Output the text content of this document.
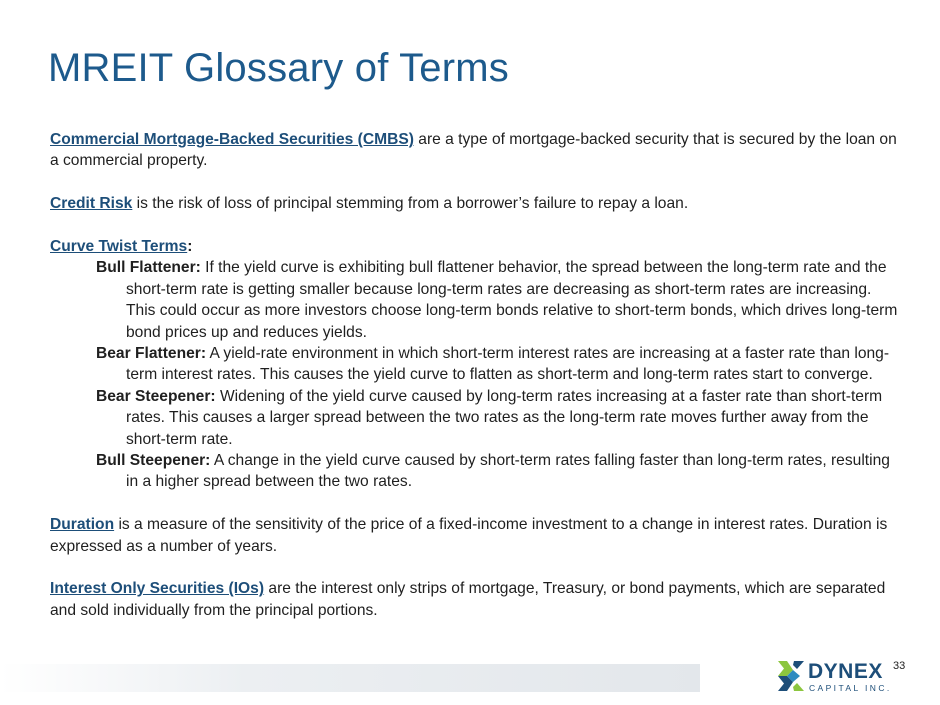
MREIT Glossary of Terms

Commercial Mortgage-Backed Securities (CMBS) are a type of mortgage-backed security that is secured by the loan on a commercial property.

Credit Risk is the risk of loss of principal stemming from a borrower’s failure to repay a loan.

Curve Twist Terms:

Bull Flattener: If the yield curve is exhibiting bull flattener behavior, the spread between the long-term rate and the short-term rate is getting smaller because long-term rates are decreasing as short-term rates are increasing. This could occur as more investors choose long-term bonds relative to short-term bonds, which drives long-term bond prices up and reduces yields.

Bear Flattener: A yield-rate environment in which short-term interest rates are increasing at a faster rate than long-term interest rates. This causes the yield curve to flatten as short-term and long-term rates start to converge.

Bear Steepener: Widening of the yield curve caused by long-term rates increasing at a faster rate than short-term rates. This causes a larger spread between the two rates as the long-term rate moves further away from the short-term rate.

Bull Steepener: A change in the yield curve caused by short-term rates falling faster than long-term rates, resulting in a higher spread between the two rates.

Duration is a measure of the sensitivity of the price of a fixed-income investment to a change in interest rates. Duration is expressed as a number of years.

Interest Only Securities (IOs) are the interest only strips of mortgage, Treasury, or bond payments, which are separated and sold individually from the principal portions.

DYNEX
CAPITAL INC.
33
